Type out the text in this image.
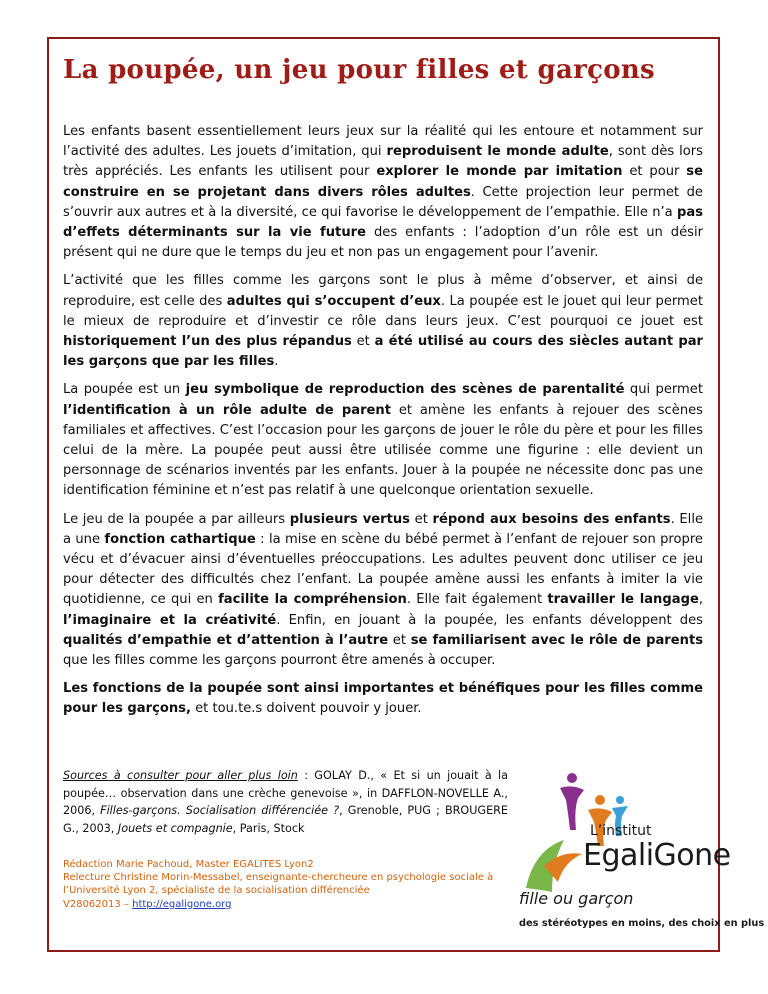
La poupée, un jeu pour filles et garçons

Les enfants basent essentiellement leurs jeux sur la réalité qui les entoure et notamment sur l’activité des adultes. Les jouets d’imitation, qui reproduisent le monde adulte, sont dès lors très appréciés. Les enfants les utilisent pour explorer le monde par imitation et pour se construire en se projetant dans divers rôles adultes. Cette projection leur permet de s’ouvrir aux autres et à la diversité, ce qui favorise le développement de l’empathie. Elle n’a pas d’effets déterminants sur la vie future des enfants : l’adoption d’un rôle est un désir présent qui ne dure que le temps du jeu et non pas un engagement pour l’avenir.

L’activité que les filles comme les garçons sont le plus à même d’observer, et ainsi de reproduire, est celle des adultes qui s’occupent d’eux. La poupée est le jouet qui leur permet le mieux de reproduire et d’investir ce rôle dans leurs jeux. C’est pourquoi ce jouet est historiquement l’un des plus répandus et a été utilisé au cours des siècles autant par les garçons que par les filles.

La poupée est un jeu symbolique de reproduction des scènes de parentalité qui permet l’identification à un rôle adulte de parent et amène les enfants à rejouer des scènes familiales et affectives. C’est l’occasion pour les garçons de jouer le rôle du père et pour les filles celui de la mère. La poupée peut aussi être utilisée comme une figurine : elle devient un personnage de scénarios inventés par les enfants. Jouer à la poupée ne nécessite donc pas une identification féminine et n’est pas relatif à une quelconque orientation sexuelle.

Le jeu de la poupée a par ailleurs plusieurs vertus et répond aux besoins des enfants. Elle a une fonction cathartique : la mise en scène du bébé permet à l’enfant de rejouer son propre vécu et d’évacuer ainsi d’éventuelles préoccupations. Les adultes peuvent donc utiliser ce jeu pour détecter des difficultés chez l’enfant. La poupée amène aussi les enfants à imiter la vie quotidienne, ce qui en facilite la compréhension. Elle fait également travailler le langage, l’imaginaire et la créativité. Enfin, en jouant à la poupée, les enfants développent des qualités d’empathie et d’attention à l’autre et se familiarisent avec le rôle de parents que les filles comme les garçons pourront être amenés à occuper.

Les fonctions de la poupée sont ainsi importantes et bénéfiques pour les filles comme pour les garçons, et tou.te.s doivent pouvoir y jouer.

Sources à consulter pour aller plus loin : GOLAY D., « Et si un jouait à la poupée… observation dans une crèche genevoise », in DAFFLON-NOVELLE A., 2006, Filles-garçons. Socialisation différenciée ?, Grenoble, PUG ; BROUGERE G., 2003, Jouets et compagnie, Paris, Stock
Rédaction Marie Pachoud, Master EGALITES Lyon2
Relecture Christine Morin-Messabel, enseignante-chercheure en psychologie sociale à l’Université Lyon 2, spécialiste de la socialisation différenciée
V28062013 – http://egaligone.org
L’institut
EgaliGone
fille ou garçon
des stéréotypes en moins, des choix en plus
